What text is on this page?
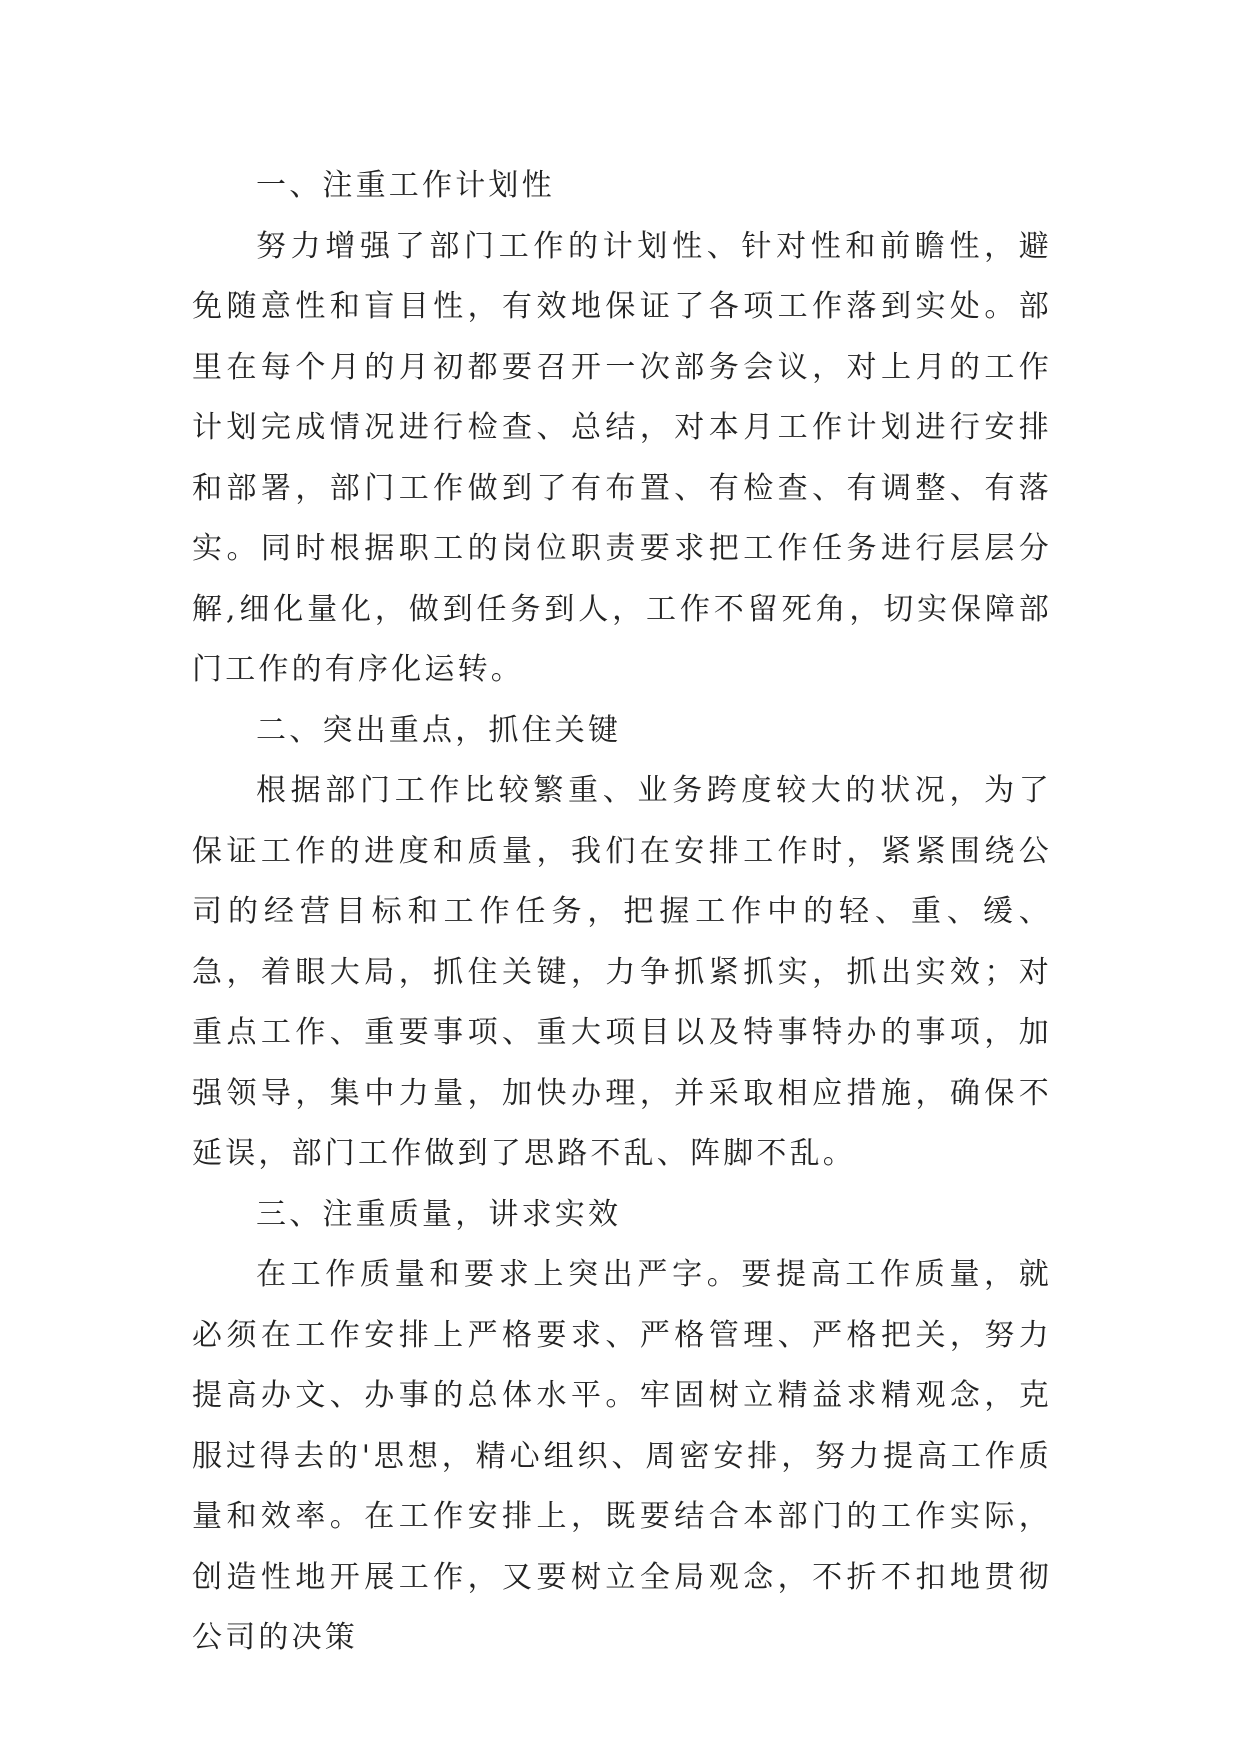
一、注重工作计划性

努力增强了部门工作的计划性、针对性和前瞻性，避免随意性和盲目性，有效地保证了各项工作落到实处。部里在每个月的月初都要召开一次部务会议，对上月的工作计划完成情况进行检查、总结，对本月工作计划进行安排和部署，部门工作做到了有布置、有检查、有调整、有落实。同时根据职工的岗位职责要求把工作任务进行层层分解,细化量化，做到任务到人，工作不留死角，切实保障部门工作的有序化运转。

二、突出重点，抓住关键

根据部门工作比较繁重、业务跨度较大的状况，为了保证工作的进度和质量，我们在安排工作时，紧紧围绕公司的经营目标和工作任务，把握工作中的轻、重、缓、急，着眼大局，抓住关键，力争抓紧抓实，抓出实效；对重点工作、重要事项、重大项目以及特事特办的事项，加强领导，集中力量，加快办理，并采取相应措施，确保不延误，部门工作做到了思路不乱、阵脚不乱。

三、注重质量，讲求实效

在工作质量和要求上突出严字。要提高工作质量，就必须在工作安排上严格要求、严格管理、严格把关，努力提高办文、办事的总体水平。牢固树立精益求精观念，克服过得去的'思想，精心组织、周密安排，努力提高工作质量和效率。在工作安排上，既要结合本部门的工作实际，创造性地开展工作，又要树立全局观念，不折不扣地贯彻公司的决策
